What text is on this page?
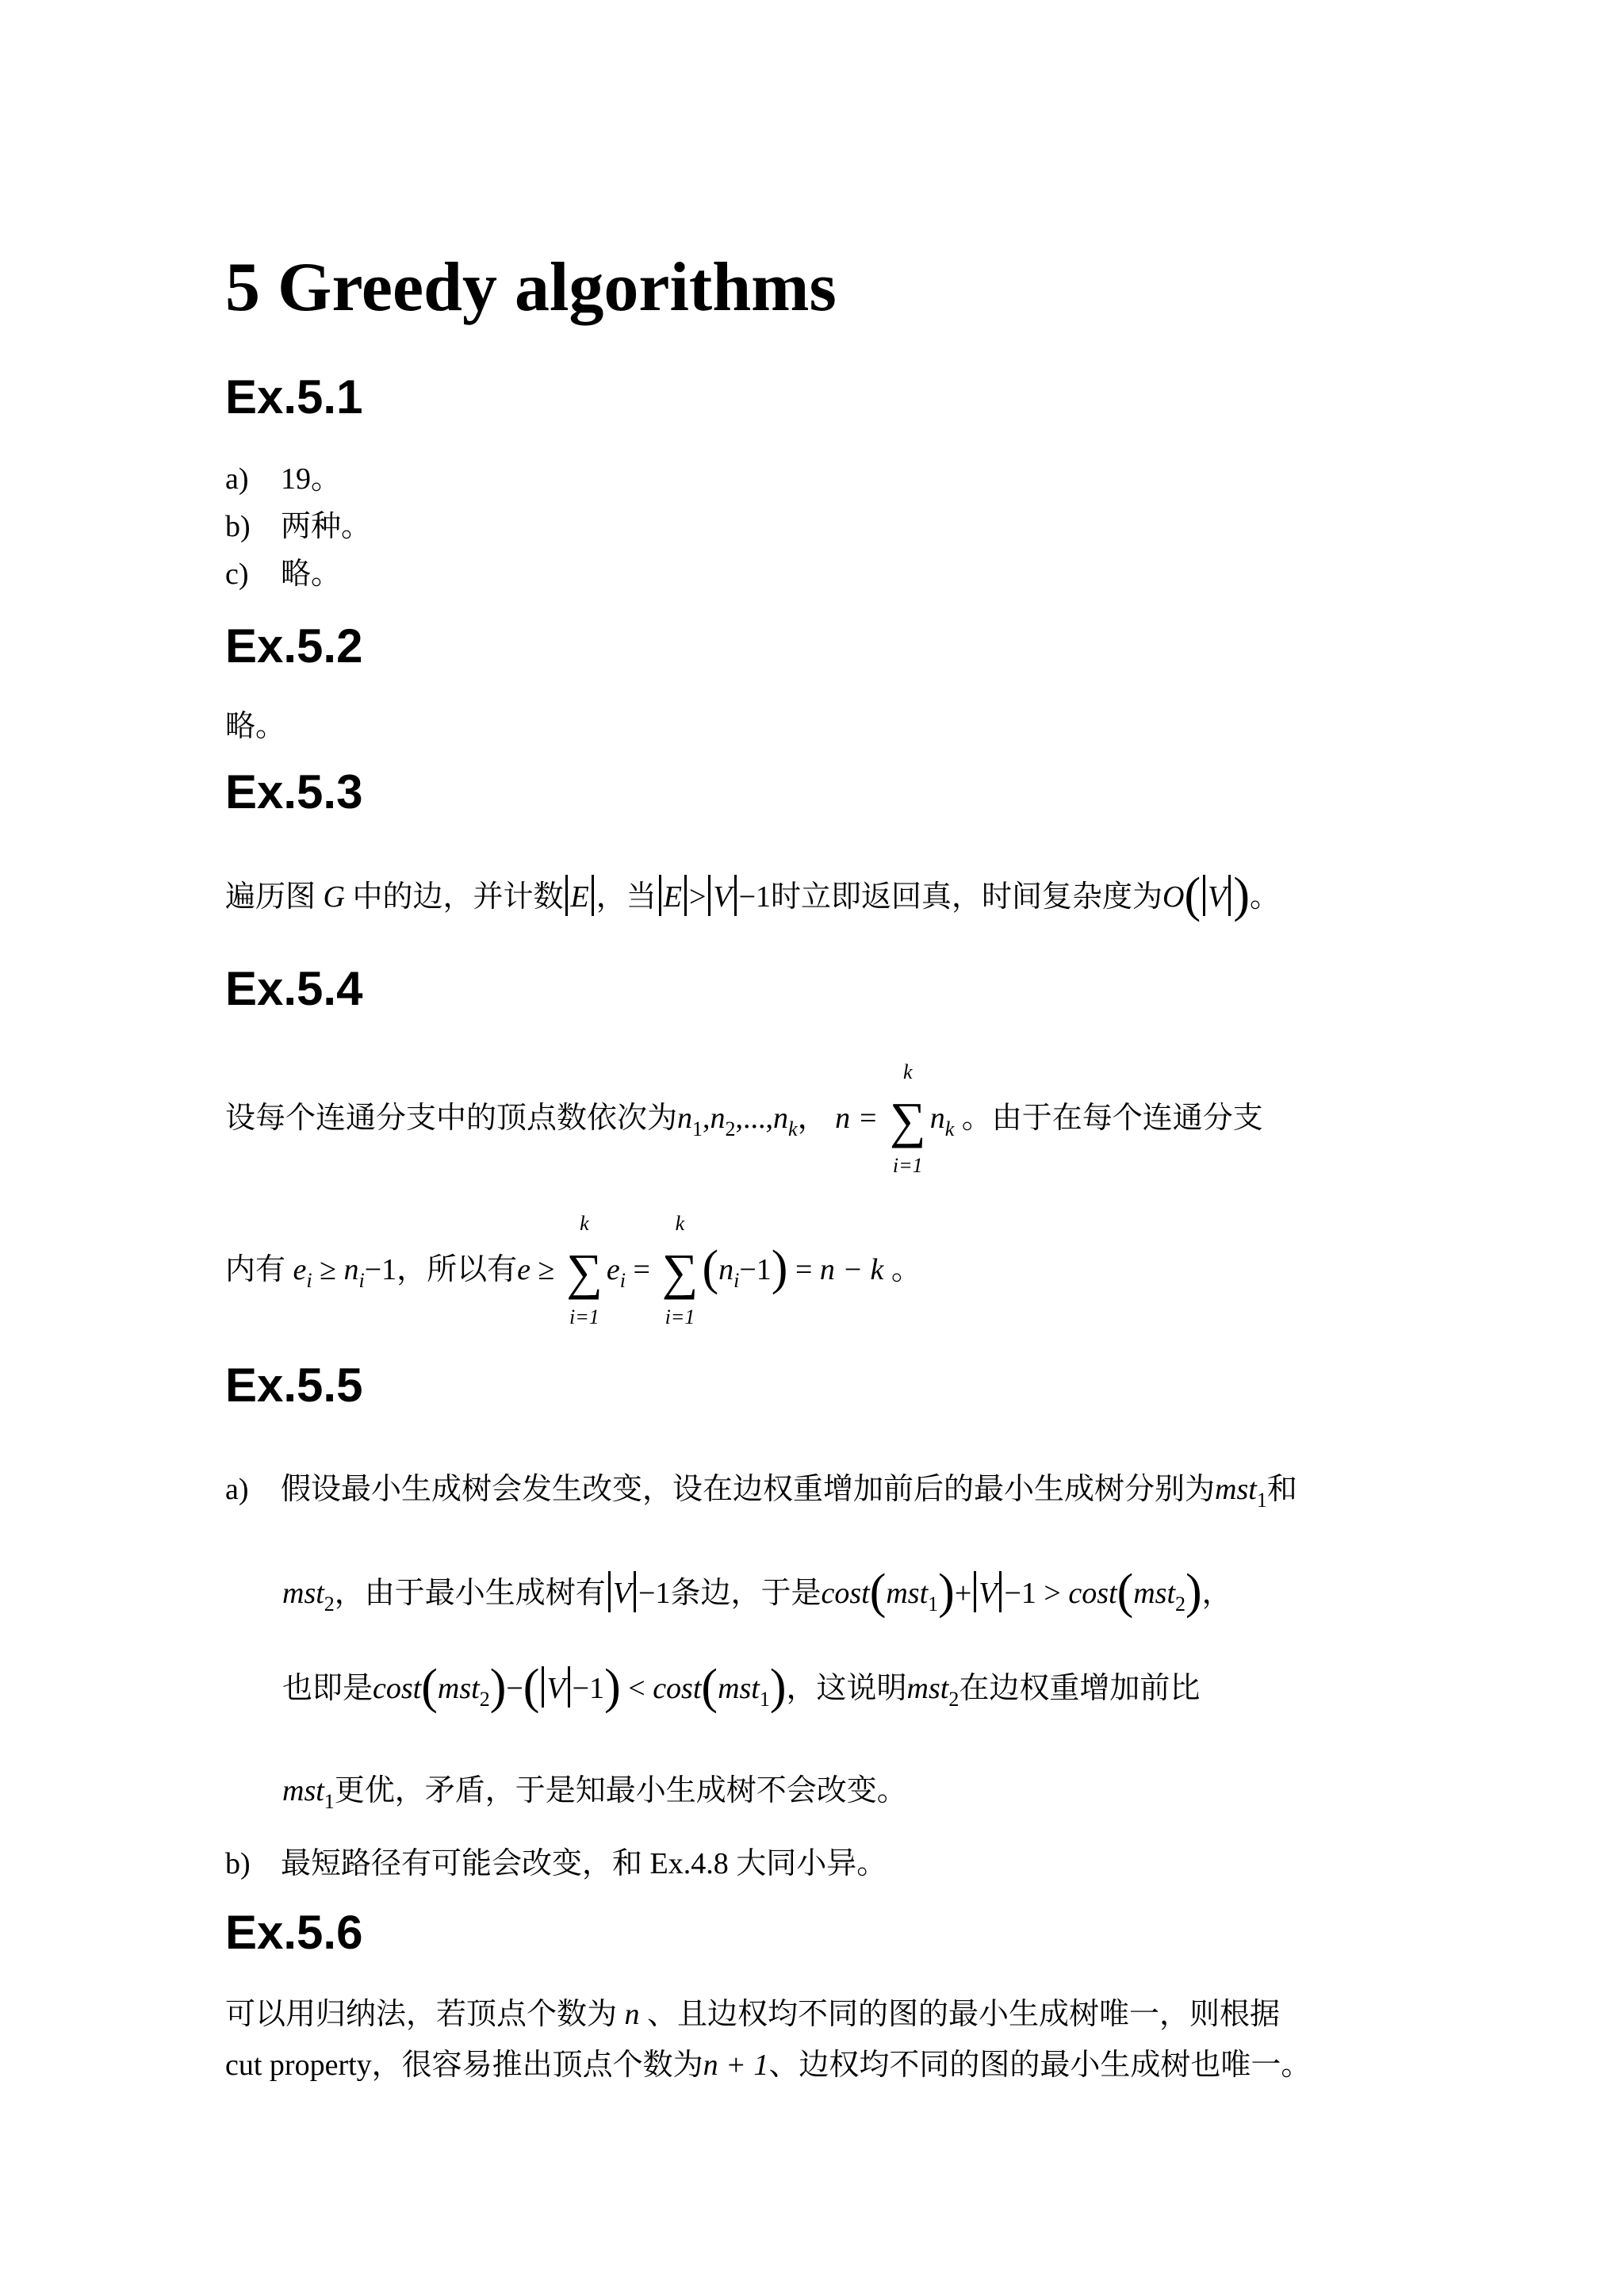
5 Greedy algorithms
Ex.5.1
a) 19。
b) 两种。
c) 略。
Ex.5.2
略。
Ex.5.3
遍历图 G 中的边，并计数 E ，当 E > V −1时立即返回真，时间复杂度为O( V )。
Ex.5.4
设每个连通分支中的顶点数依次为$n_1,n_2,...,n_k$， n =
k
∑
i=1
$n_k$ 。由于在每个连通分支
内有 $e_i \ge n_i-1$，所以有e ≥
k
∑
i=1
$e_i$ =
k
∑
i=1
$(n_i-1) = n - k$ 。
Ex.5.5
a) 假设最小生成树会发生改变，设在边权重增加前后的最小生成树分别为mst$_1$和
mst$_2$，由于最小生成树有 V −1条边，于是cost(mst$_1$)+ V −1 > cost(mst$_2$)，
也即是cost(mst$_2$)−( V −1) < cost(mst$_1$)，这说明mst$_2$在边权重增加前比
mst$_1$更优，矛盾，于是知最小生成树不会改变。
b) 最短路径有可能会改变，和 Ex.4.8 大同小异。
Ex.5.6
可以用归纳法，若顶点个数为 n 、且边权均不同的图的最小生成树唯一，则根据
cut property，很容易推出顶点个数为n + 1、边权均不同的图的最小生成树也唯一。
